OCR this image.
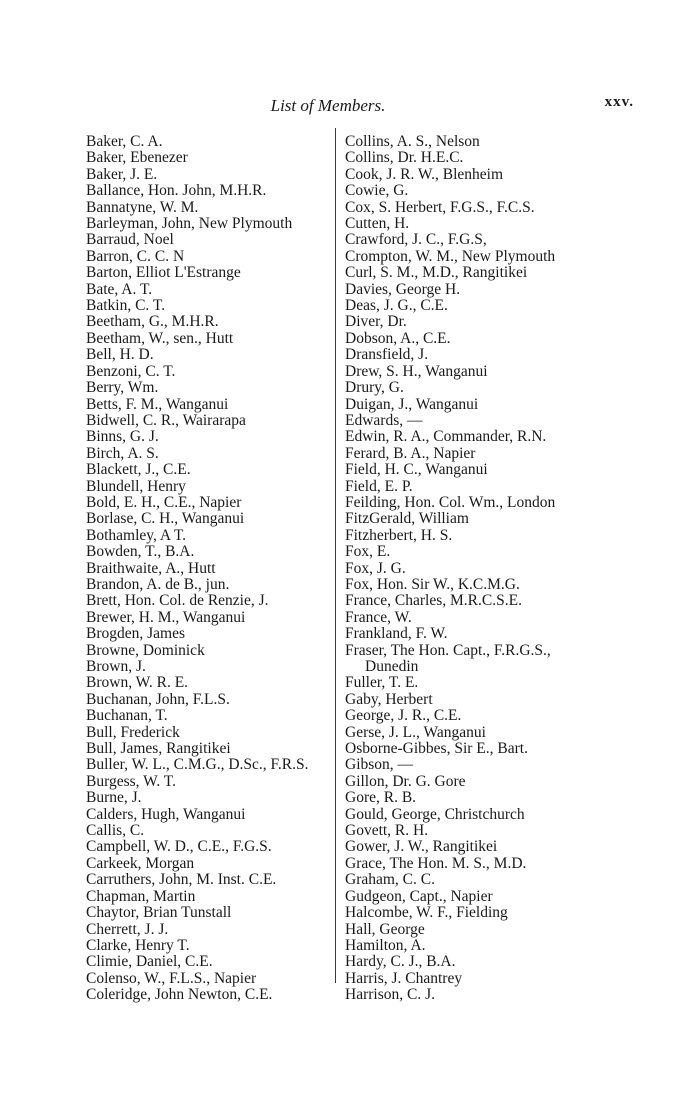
List of Members.	xxv.
Baker, C. A.
Baker, Ebenezer
Baker, J. E.
Ballance, Hon. John, M.H.R.
Bannatyne, W. M.
Barleyman, John, New Plymouth
Barraud, Noel
Barron, C. C. N
Barton, Elliot L'Estrange
Bate, A. T.
Batkin, C. T.
Beetham, G., M.H.R.
Beetham, W., sen., Hutt
Bell, H. D.
Benzoni, C. T.
Berry, Wm.
Betts, F. M., Wanganui
Bidwell, C. R., Wairarapa
Binns, G. J.
Birch, A. S.
Blackett, J., C.E.
Blundell, Henry
Bold, E. H., C.E., Napier
Borlase, C. H., Wanganui
Bothamley, A T.
Bowden, T., B.A.
Braithwaite, A., Hutt
Brandon, A. de B., jun.
Brett, Hon. Col. de Renzie, J.
Brewer, H. M., Wanganui
Brogden, James
Browne, Dominick
Brown, J.
Brown, W. R. E.
Buchanan, John, F.L.S.
Buchanan, T.
Bull, Frederick
Bull, James, Rangitikei
Buller, W. L., C.M.G., D.Sc., F.R.S.
Burgess, W. T.
Burne, J.
Calders, Hugh, Wanganui
Callis, C.
Campbell, W. D., C.E., F.G.S.
Carkeek, Morgan
Carruthers, John, M. Inst. C.E.
Chapman, Martin
Chaytor, Brian Tunstall
Cherrett, J. J.
Clarke, Henry T.
Climie, Daniel, C.E.
Colenso, W., F.L.S., Napier
Coleridge, John Newton, C.E.
Collins, A. S., Nelson
Collins, Dr. H.E.C.
Cook, J. R. W., Blenheim
Cowie, G.
Cox, S. Herbert, F.G.S., F.C.S.
Cutten, H.
Crawford, J. C., F.G.S,
Crompton, W. M., New Plymouth
Curl, S. M., M.D., Rangitikei
Davies, George H.
Deas, J. G., C.E.
Diver, Dr.
Dobson, A., C.E.
Dransfield, J.
Drew, S. H., Wanganui
Drury, G.
Duigan, J., Wanganui
Edwards, —
Edwin, R. A., Commander, R.N.
Ferard, B. A., Napier
Field, H. C., Wanganui
Field, E. P.
Feilding, Hon. Col. Wm., London
FitzGerald, William
Fitzherbert, H. S.
Fox, E.
Fox, J. G.
Fox, Hon. Sir W., K.C.M.G.
France, Charles, M.R.C.S.E.
France, W.
Frankland, F. W.
Fraser, The Hon. Capt., F.R.G.S.,
Dunedin
Fuller, T. E.
Gaby, Herbert
George, J. R., C.E.
Gerse, J. L., Wanganui
Osborne-Gibbes, Sir E., Bart.
Gibson, —
Gillon, Dr. G. Gore
Gore, R. B.
Gould, George, Christchurch
Govett, R. H.
Gower, J. W., Rangitikei
Grace, The Hon. M. S., M.D.
Graham, C. C.
Gudgeon, Capt., Napier
Halcombe, W. F., Fielding
Hall, George
Hamilton, A.
Hardy, C. J., B.A.
Harris, J. Chantrey
Harrison, C. J.
